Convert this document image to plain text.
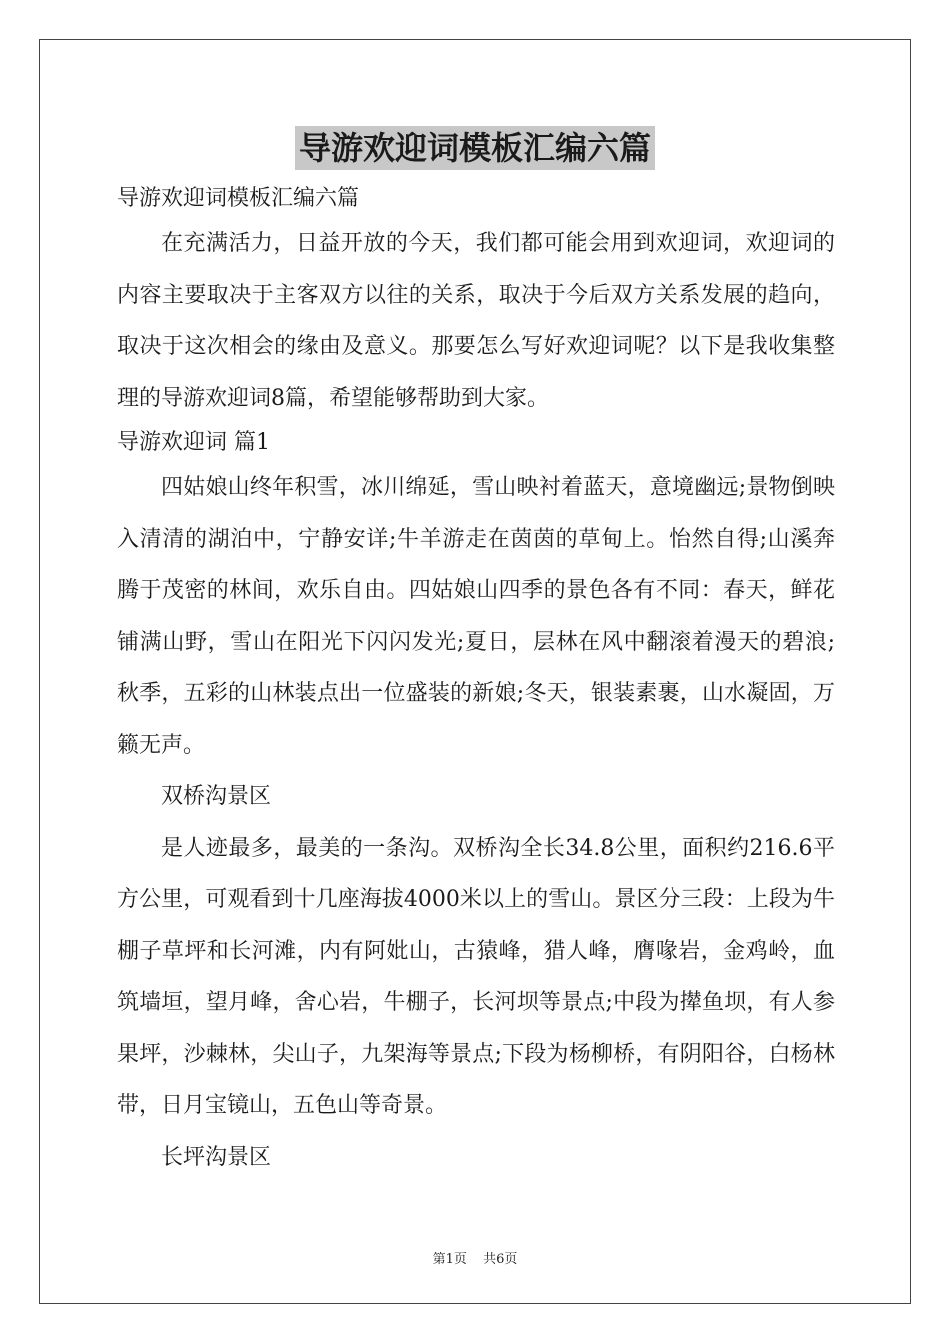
导游欢迎词模板汇编六篇
导游欢迎词模板汇编六篇

在充满活力，日益开放的今天，我们都可能会用到欢迎词，欢迎词的内容主要取决于主客双方以往的关系，取决于今后双方关系发展的趋向，取决于这次相会的缘由及意义。那要怎么写好欢迎词呢？以下是我收集整理的导游欢迎词8篇，希望能够帮助到大家。

导游欢迎词 篇1

四姑娘山终年积雪，冰川绵延，雪山映衬着蓝天，意境幽远;景物倒映入清清的湖泊中，宁静安详;牛羊游走在茵茵的草甸上。怡然自得;山溪奔腾于茂密的林间，欢乐自由。四姑娘山四季的景色各有不同：春天，鲜花铺满山野，雪山在阳光下闪闪发光;夏日，层林在风中翻滚着漫天的碧浪;秋季，五彩的山林装点出一位盛装的新娘;冬天，银装素裹，山水凝固，万籁无声。

双桥沟景区

是人迹最多，最美的一条沟。双桥沟全长34.8公里，面积约216.6平方公里，可观看到十几座海拔4000米以上的雪山。景区分三段：上段为牛棚子草坪和长河滩，内有阿妣山，古猿峰，猎人峰，膺喙岩，金鸡岭，血筑墙垣，望月峰，舍心岩，牛棚子，长河坝等景点;中段为撵鱼坝，有人参果坪，沙棘林，尖山子，九架海等景点;下段为杨柳桥，有阴阳谷，白杨林带，日月宝镜山，五色山等奇景。

长坪沟景区

第1页 共6页
